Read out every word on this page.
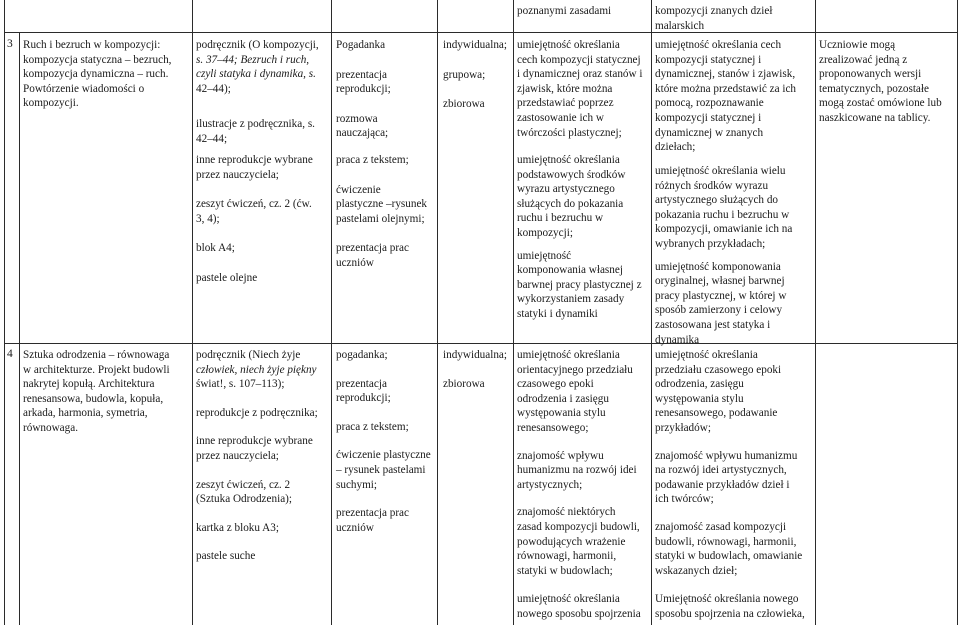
poznanymi zasadami	kompozycji znanych dzieł

malarskich

3 Ruch i bezruch w kompozycji:

kompozycja statyczna – bezruch,

kompozycja dynamiczna – ruch.

Powtórzenie wiadomości o

kompozycji.

podręcznik (O kompozycji,

s. 37–44; Bezruch i ruch,

czyli statyka i dynamika, s.

42–44);

ilustracje z podręcznika, s.

42–44;

inne reprodukcje wybrane

przez nauczyciela;

zeszyt ćwiczeń, cz. 2 (ćw.

3, 4);

blok A4;

pastele olejne

Pogadanka

prezentacja

reprodukcji;

rozmowa

nauczająca;

praca z tekstem;

ćwiczenie

plastyczne –rysunek

pastelami olejnymi;

prezentacja prac

uczniów

indywidualna;

grupowa;

zbiorowa

umiejętność określania

cech kompozycji statycznej

i dynamicznej oraz stanów i

zjawisk, które można

przedstawiać poprzez

zastosowanie ich w

twórczości plastycznej;

umiejętność określania

podstawowych środków

wyrazu artystycznego

służących do pokazania

ruchu i bezruchu w

kompozycji;

umiejętność

komponowania własnej

barwnej pracy plastycznej z

wykorzystaniem zasady

statyki i dynamiki

umiejętność określania cech

kompozycji statycznej i

dynamicznej, stanów i zjawisk,

które można przedstawić za ich

pomocą, rozpoznawanie

kompozycji statycznej i

dynamicznej w znanych

dziełach;

umiejętność określania wielu

różnych środków wyrazu

artystycznego służących do

pokazania ruchu i bezruchu w

kompozycji, omawianie ich na

wybranych przykładach;

umiejętność komponowania

oryginalnej, własnej barwnej

pracy plastycznej, w której w

sposób zamierzony i celowy

zastosowana jest statyka i

dynamika

Uczniowie mogą

zrealizować jedną z

proponowanych wersji

tematycznych, pozostałe

mogą zostać omówione lub

naszkicowane na tablicy.

4 Sztuka odrodzenia – równowaga

w architekturze. Projekt budowli

nakrytej kopułą. Architektura

renesansowa, budowla, kopuła,

arkada, harmonia, symetria,

równowaga.

podręcznik (Niech żyje

człowiek, niech żyje piękny

świat!, s. 107–113);

reprodukcje z podręcznika;

inne reprodukcje wybrane

przez nauczyciela;

zeszyt ćwiczeń, cz. 2

(Sztuka Odrodzenia);

kartka z bloku A3;

pastele suche

pogadanka;

prezentacja

reprodukcji;

praca z tekstem;

ćwiczenie plastyczne

– rysunek pastelami

suchymi;

prezentacja prac

uczniów

indywidualna;

zbiorowa

umiejętność określania

orientacyjnego przedziału

czasowego epoki

odrodzenia i zasięgu

występowania stylu

renesansowego;

znajomość wpływu

humanizmu na rozwój idei

artystycznych;

znajomość niektórych

zasad kompozycji budowli,

powodujących wrażenie

równowagi, harmonii,

statyki w budowlach;

umiejętność określania

nowego sposobu spojrzenia

umiejętność określania

przedziału czasowego epoki

odrodzenia, zasięgu

występowania stylu

renesansowego, podawanie

przykładów;

znajomość wpływu humanizmu

na rozwój idei artystycznych,

podawanie przykładów dzieł i

ich twórców;

znajomość zasad kompozycji

budowli, równowagi, harmonii,

statyki w budowlach, omawianie

wskazanych dzieł;

Umiejętność określania nowego

sposobu spojrzenia na człowieka,
